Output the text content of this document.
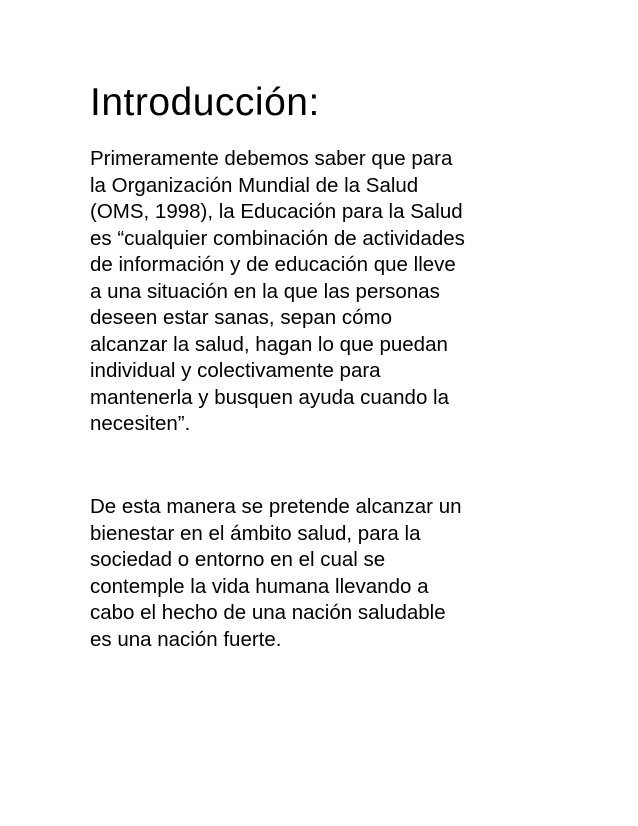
Introducción:

Primeramente debemos saber que para
la Organización Mundial de la Salud
(OMS, 1998), la Educación para la Salud
es “cualquier combinación de actividades
de información y de educación que lleve
a una situación en la que las personas
deseen estar sanas, sepan cómo
alcanzar la salud, hagan lo que puedan
individual y colectivamente para
mantenerla y busquen ayuda cuando la
necesiten”.

De esta manera se pretende alcanzar un
bienestar en el ámbito salud, para la
sociedad o entorno en el cual se
contemple la vida humana llevando a
cabo el hecho de una nación saludable
es una nación fuerte.
